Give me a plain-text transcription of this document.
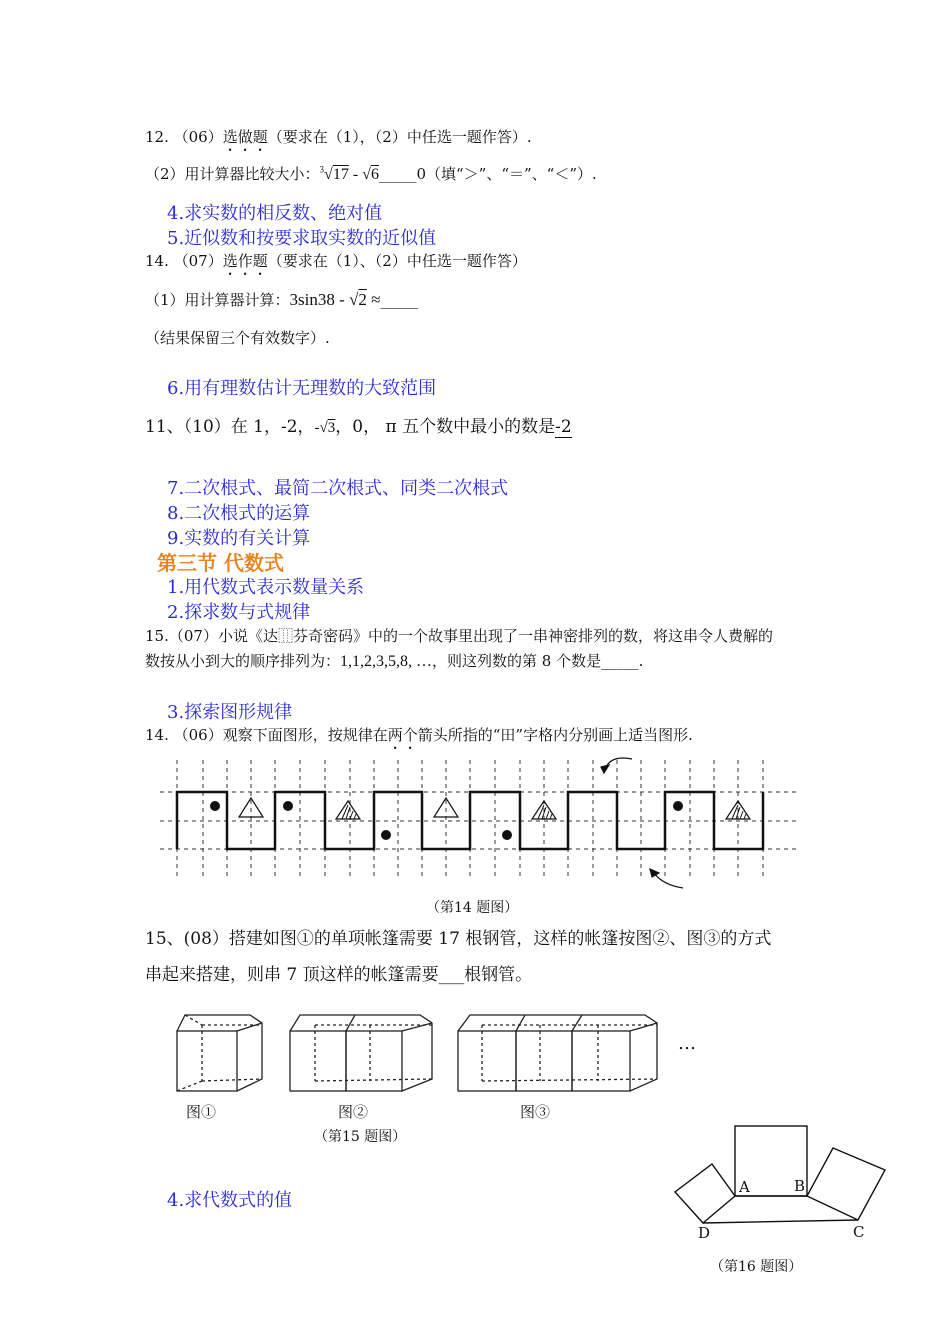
12. （06）选做题（要求在（1），（2）中任选一题作答）.
（2）用计算器比较大小：$^3$√17 - √6_____0（填“＞”、“＝”、“＜”）.
4.求实数的相反数、绝对值
5.近似数和按要求取实数的近似值
14. （07）选作题（要求在（1）、（2）中任选一题作答）
（1）用计算器计算：3sin38 - √2 ≈_____
（结果保留三个有效数字）.
6.用有理数估计无理数的大致范围
11、（10）在 1，-2，-√3，0， π 五个数中最小的数是-2
7.二次根式、最简二次根式、同类二次根式
8.二次根式的运算
9.实数的有关计算
第三节 代数式
1.用代数式表示数量关系
2.探求数与式规律
15.（07）小说《达⿲芬奇密码》中的一个故事里出现了一串神密排列的数，将这串令人费解的
数按从小到大的顺序排列为：1,1,2,3,5,8, …，则这列数的第 8 个数是_____.
3.探索图形规律
14. （06）观察下面图形，按规律在两个箭头所指的“田”字格内分别画上适当图形.
（第14 题图）
15、(08）搭建如图①的单项帐篷需要 17 根钢管，这样的帐篷按图②、图③的方式
串起来搭建，则串 7 顶这样的帐篷需要___根钢管。
…
图①	图②	图③
（第15 题图）
4.求代数式的值
A	B
C
D
（第16 题图）
